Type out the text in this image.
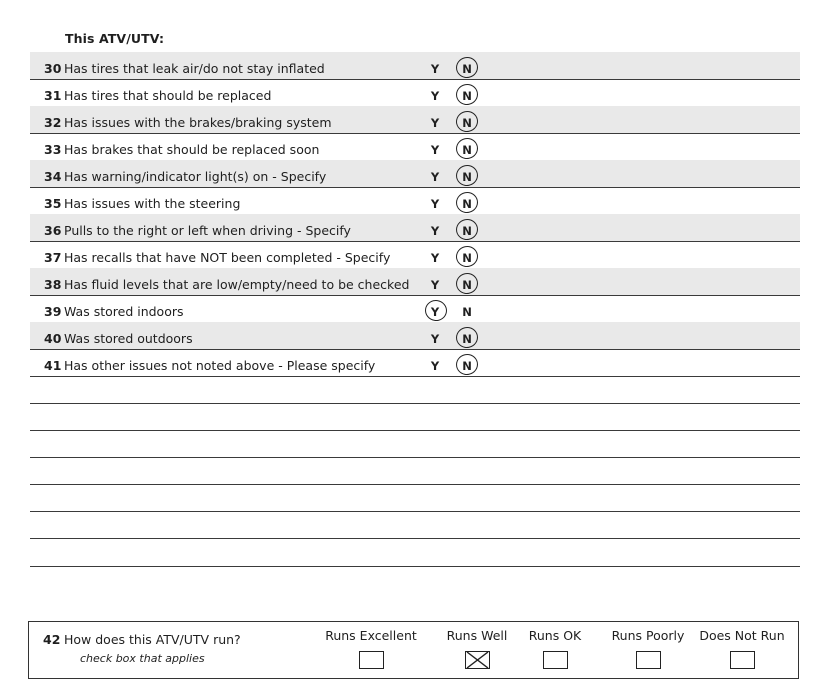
This ATV/UTV:
30 Has tires that leak air/do not stay inflated	Y	N
31 Has tires that should be replaced	Y	N
32 Has issues with the brakes/braking system	Y	N
33 Has brakes that should be replaced soon	Y	N
34 Has warning/indicator light(s) on - Specify	Y	N
35 Has issues with the steering	Y	N
36 Pulls to the right or left when driving - Specify	Y	N
37 Has recalls that have NOT been completed - Specify	Y	N
38 Has fluid levels that are low/empty/need to be checked	Y	N
39 Was stored indoors	Y	N
40 Was stored outdoors	Y	N
41 Has other issues not noted above - Please specify	Y	N
42 How does this ATV/UTV run?
check box that applies
Runs Excellent	Runs Well	Runs OK	Runs Poorly	Does Not Run
